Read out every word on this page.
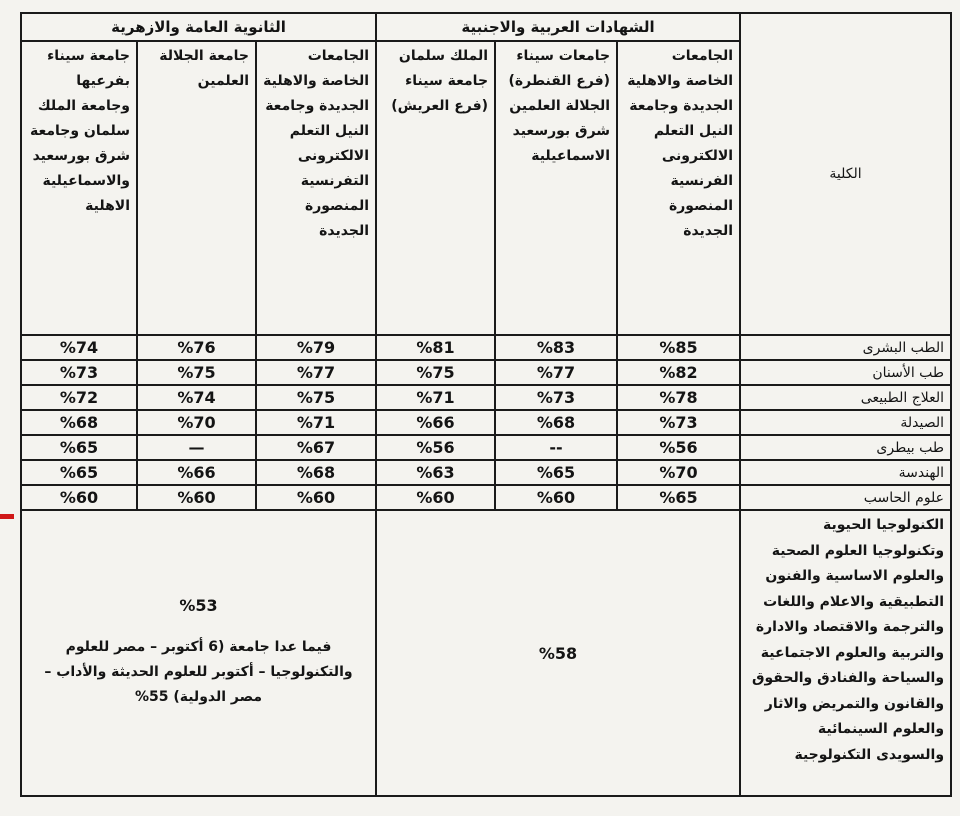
الكلية	الشهادات العربية والاجنبية			الثانوية العامة والازهرية		
	الجامعات الخاصة والاهلية الجديدة وجامعة النيل التعلم الالكترونى الفرنسية المنصورة الجديدة	جامعات سيناء (فرع القنطرة) الجلالة العلمين شرق بورسعيد الاسماعيلية	الملك سلمان جامعة سيناء (فرع العريش)	الجامعات الخاصة والاهلية الجديدة وجامعة النيل التعلم الالكترونى التفرنسية المنصورة الجديدة	جامعة الجلالة العلمين	جامعة سيناء بفرعيها وجامعة الملك سلمان وجامعة شرق بورسعيد والاسماعيلية الاهلية
الطب البشرى	%85	%83	%81	%79	%76	%74
طب الأسنان	%82	%77	%75	%77	%75	%73
العلاج الطبيعى	%78	%73	%71	%75	%74	%72
الصيدلة	%73	%68	%66	%71	%70	%68
طب بيطرى	%56	--	%56	%67	—	%65
الهندسة	%70	%65	%63	%68	%66	%65
علوم الحاسب	%65	%60	%60	%60	%60	%60
الكنولوجيا الحيوية وتكنولوجيا العلوم الصحية والعلوم الاساسية والفنون التطبيقية والاعلام واللغات والترجمة والاقتصاد والادارة والتربية والعلوم الاجتماعية والسياحة والفنادق والحقوق والقانون والتمريض والاثار والعلوم السينمائية والسويدى التكنولوجية	%58			%53
فيما عدا جامعة (6 أكتوبر – مصر للعلوم والتكنولوجيا – أكتوبر للعلوم الحديثة والأداب – مصر الدولية) 55%		
